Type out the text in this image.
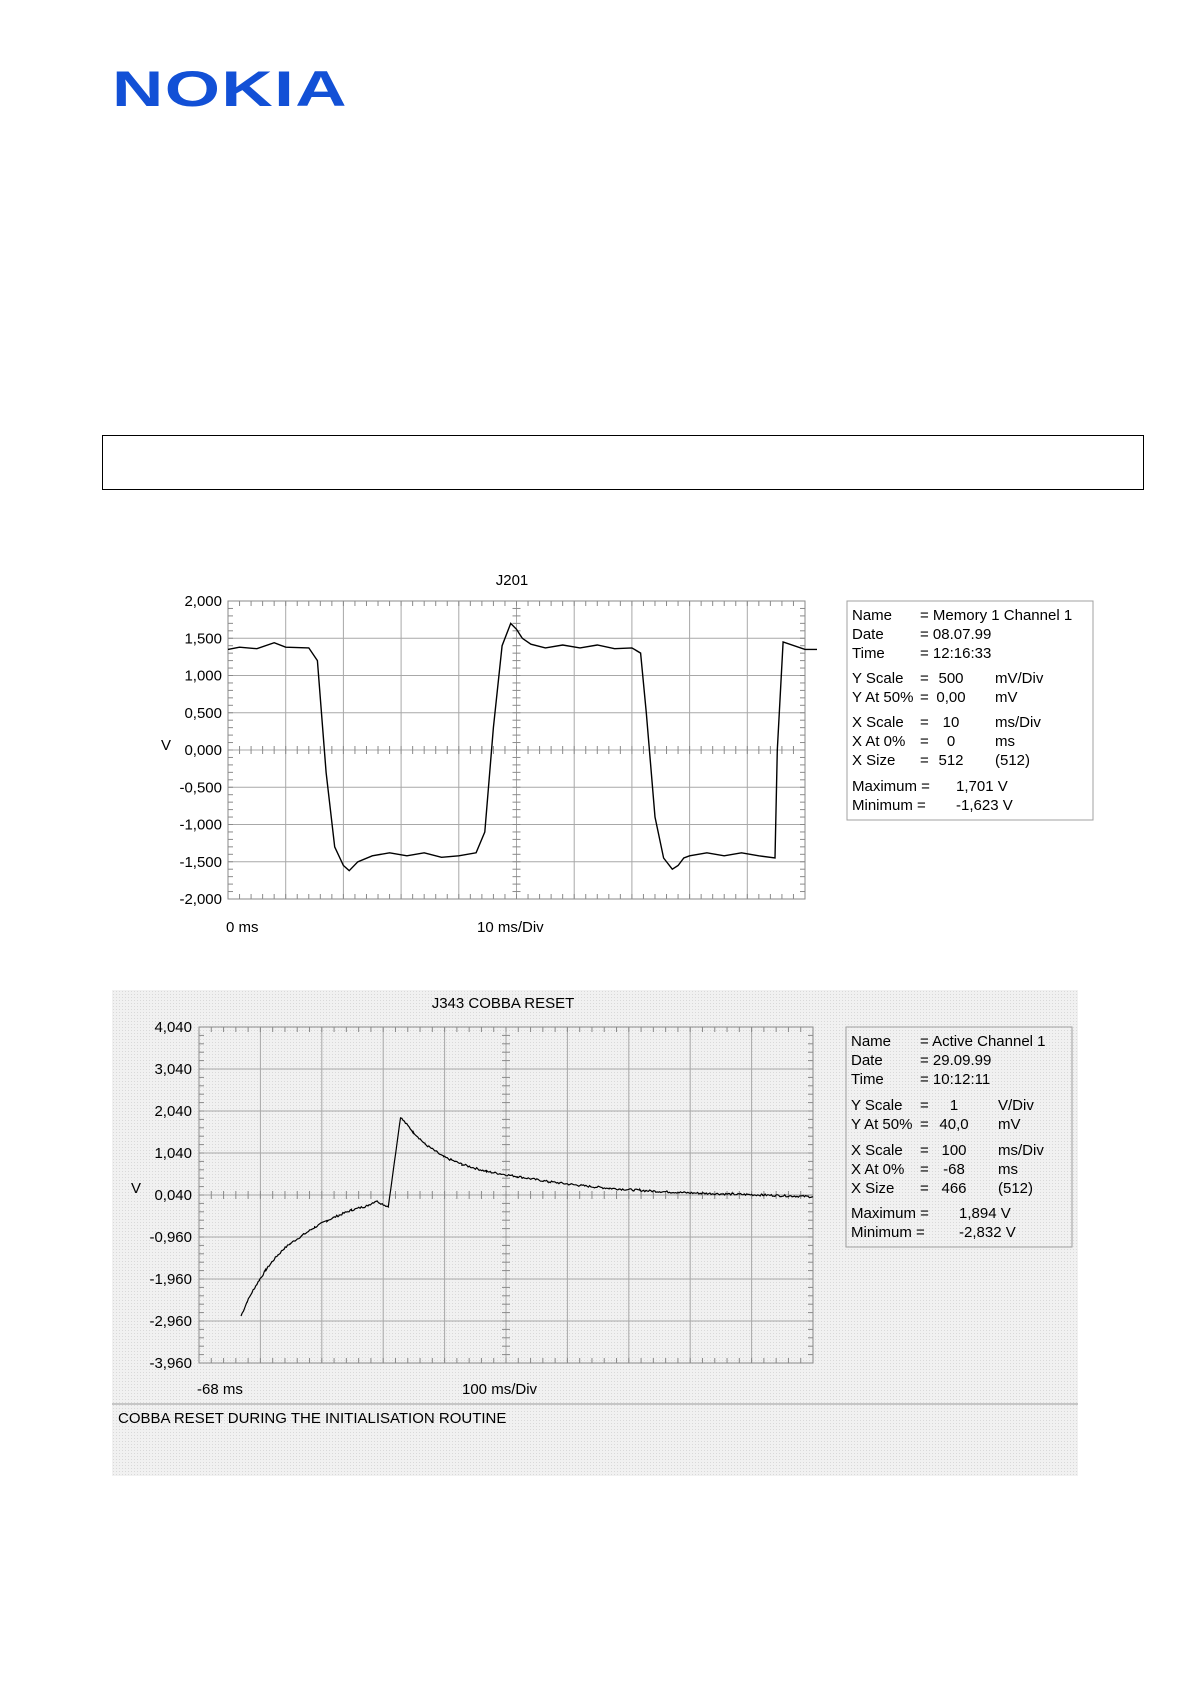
NOKIA
J201
2,000
1,500
1,000
0,500
0,000
-0,500
-1,000
-1,500
-2,000
V
0 ms	10 ms/Div
Name = Memory 1 Channel 1
Date = 08.07.99
Time = 12:16:33
Y Scale = 500 mV/Div
Y At 50% = 0,00 mV
X Scale = 10 ms/Div
X At 0% = 0	ms
X Size = 512 (512)
Maximum = 1,701 V
Minimum = -1,623 V
J343 COBBA RESET
4,040
3,040
2,040
1,040
0,040
-0,960
-1,960
-2,960
-3,960
V
-68 ms	100 ms/Div
COBBA RESET DURING THE INITIALISATION ROUTINE
Name = Active Channel 1
Date = 29.09.99
Time = 10:12:11
Y Scale = 1	V/Div
Y At 50% = 40,0 mV
X Scale = 100 ms/Div
X At 0% = -68 ms
X Size = 466 (512)
Maximum = 1,894 V
Minimum = -2,832 V
